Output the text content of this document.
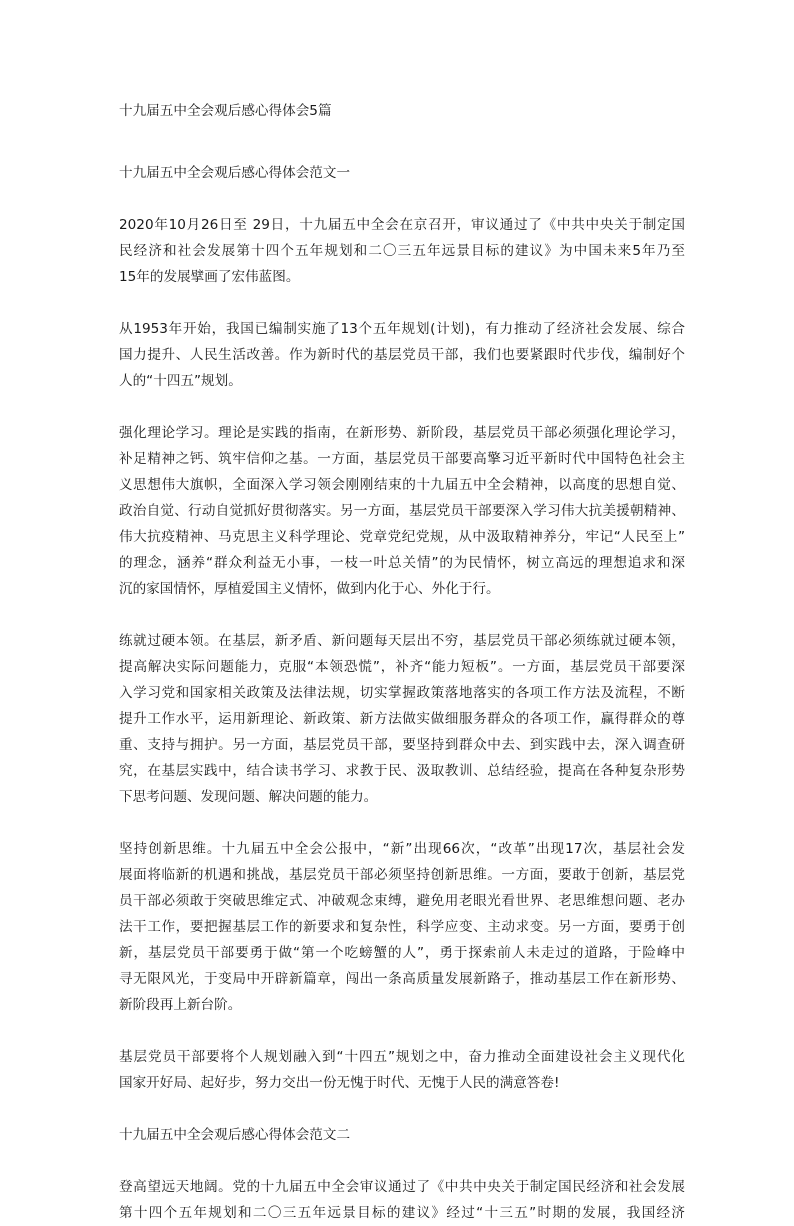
十九届五中全会观后感心得体会5篇
十九届五中全会观后感心得体会范文一
2020年10月26日至 29日，十九届五中全会在京召开，审议通过了《中共中央关于制定国
民经济和社会发展第十四个五年规划和二〇三五年远景目标的建议》为中国未来5年乃至
15年的发展擘画了宏伟蓝图。
从1953年开始，我国已编制实施了13个五年规划(计划)，有力推动了经济社会发展、综合
国力提升、人民生活改善。作为新时代的基层党员干部，我们也要紧跟时代步伐，编制好个
人的“十四五”规划。
强化理论学习。理论是实践的指南，在新形势、新阶段，基层党员干部必须强化理论学习，
补足精神之钙、筑牢信仰之基。一方面，基层党员干部要高擎习近平新时代中国特色社会主
义思想伟大旗帜，全面深入学习领会刚刚结束的十九届五中全会精神，以高度的思想自觉、
政治自觉、行动自觉抓好贯彻落实。另一方面，基层党员干部要深入学习伟大抗美援朝精神、
伟大抗疫精神、马克思主义科学理论、党章党纪党规，从中汲取精神养分，牢记“人民至上”
的理念，涵养“群众利益无小事，一枝一叶总关情”的为民情怀，树立高远的理想追求和深
沉的家国情怀，厚植爱国主义情怀，做到内化于心、外化于行。
练就过硬本领。在基层，新矛盾、新问题每天层出不穷，基层党员干部必须练就过硬本领，
提高解决实际问题能力，克服“本领恐慌”，补齐“能力短板”。一方面，基层党员干部要深
入学习党和国家相关政策及法律法规，切实掌握政策落地落实的各项工作方法及流程，不断
提升工作水平，运用新理论、新政策、新方法做实做细服务群众的各项工作，赢得群众的尊
重、支持与拥护。另一方面，基层党员干部，要坚持到群众中去、到实践中去，深入调查研
究，在基层实践中，结合读书学习、求教于民、汲取教训、总结经验，提高在各种复杂形势
下思考问题、发现问题、解决问题的能力。
坚持创新思维。十九届五中全会公报中，“新”出现66次，“改革”出现17次，基层社会发
展面将临新的机遇和挑战，基层党员干部必须坚持创新思维。一方面，要敢于创新，基层党
员干部必须敢于突破思维定式、冲破观念束缚，避免用老眼光看世界、老思维想问题、老办
法干工作，要把握基层工作的新要求和复杂性，科学应变、主动求变。另一方面，要勇于创
新，基层党员干部要勇于做“第一个吃螃蟹的人”，勇于探索前人未走过的道路，于险峰中
寻无限风光，于变局中开辟新篇章，闯出一条高质量发展新路子，推动基层工作在新形势、
新阶段再上新台阶。
基层党员干部要将个人规划融入到“十四五”规划之中，奋力推动全面建设社会主义现代化
国家开好局、起好步，努力交出一份无愧于时代、无愧于人民的满意答卷!
十九届五中全会观后感心得体会范文二
登高望远天地阔。党的十九届五中全会审议通过了《中共中央关于制定国民经济和社会发展
第十四个五年规划和二〇三五年远景目标的建议》经过“十三五”时期的发展，我国经济
